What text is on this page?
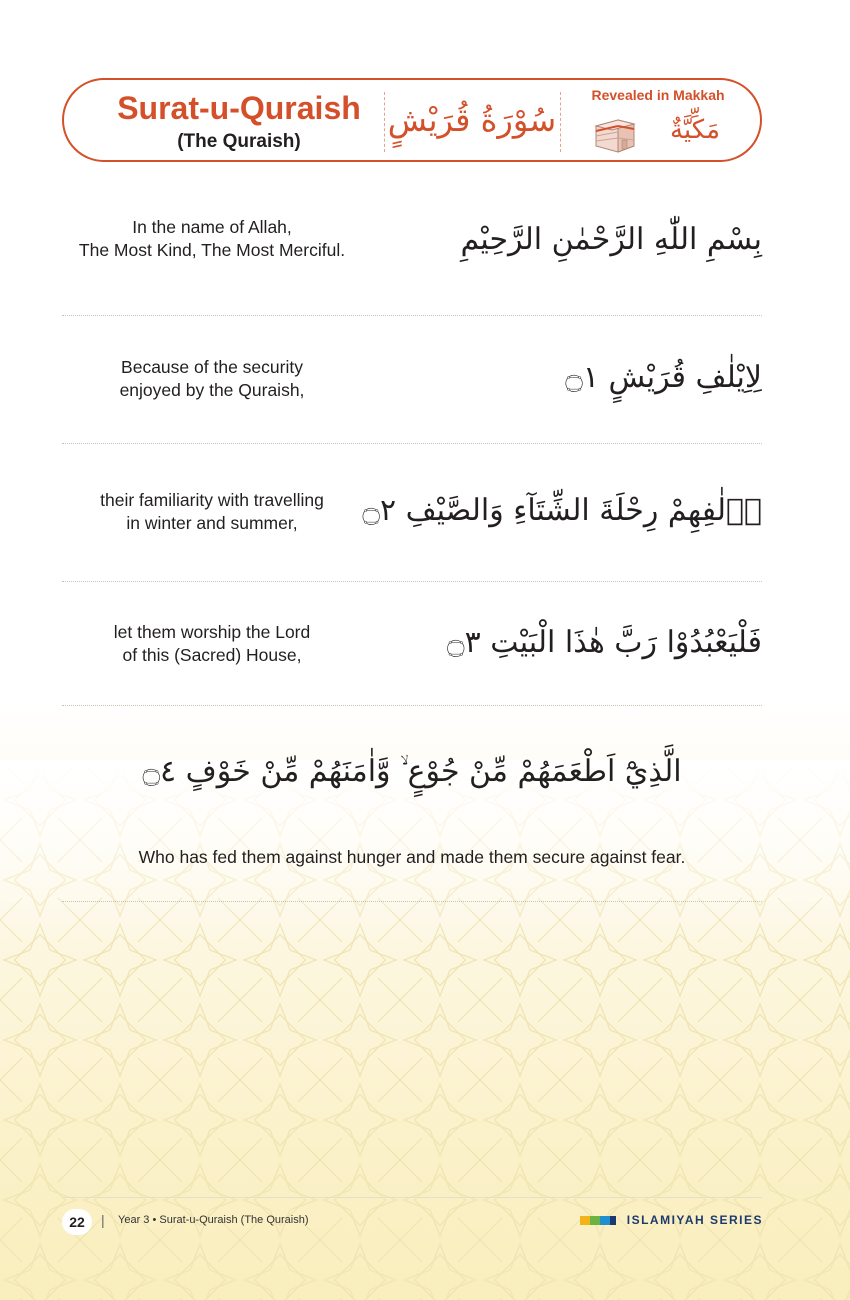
Surat-u-Quraish
(The Quraish)
سُوْرَةُ قُرَيْشٍ
Revealed in Makkah
مَكِّيَّةٌ
In the name of Allah,
The Most Kind, The Most Merciful.	بِسْمِ اللّٰهِ الرَّحْمٰنِ الرَّحِيْمِ
Because of the security
enjoyed by the Quraish,	لِاِيْلٰفِ قُرَيْشٍ ۝١
their familiarity with travelling
in winter and summer,	اٖلٰفِهِمْ رِحْلَةَ الشِّتَآءِ وَالصَّيْفِ ۝٢
let them worship the Lord
of this (Sacred) House,	فَلْيَعْبُدُوْا رَبَّ هٰذَا الْبَيْتِ ۝٣
الَّذِيْٓ اَطْعَمَهُمْ مِّنْ جُوْعٍ ۙ وَّاٰمَنَهُمْ مِّنْ خَوْفٍ ۝٤
Who has fed them against hunger and made them secure against fear.
22	| Year 3 • Surat-u-Quraish (The Quraish)	ISLAMIYAH SERIES
